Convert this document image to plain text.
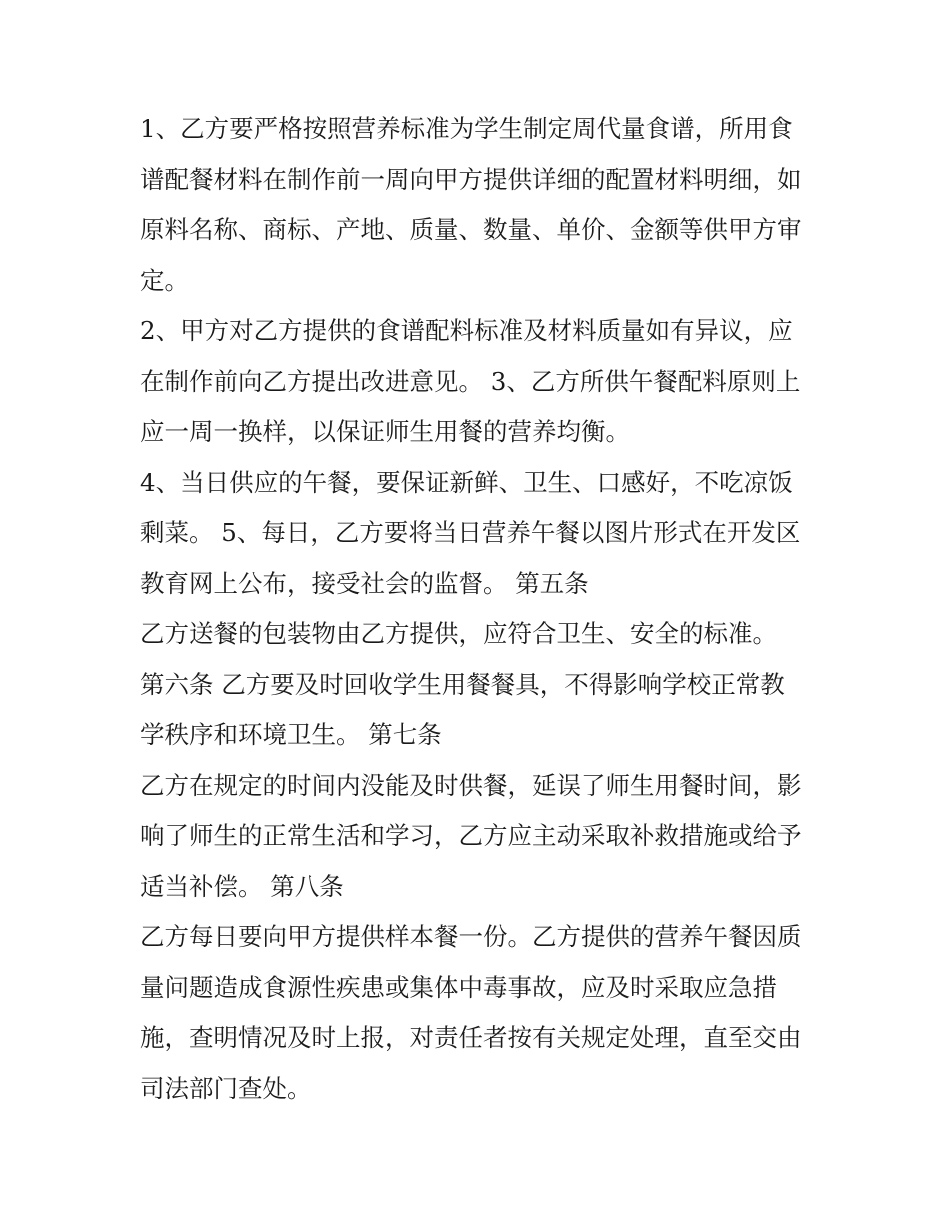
1、乙方要严格按照营养标准为学生制定周代量食谱，所用食
谱配餐材料在制作前一周向甲方提供详细的配置材料明细，如
原料名称、商标、产地、质量、数量、单价、金额等供甲方审
定。
2、甲方对乙方提供的食谱配料标准及材料质量如有异议，应
在制作前向乙方提出改进意见。 3、乙方所供午餐配料原则上
应一周一换样，以保证师生用餐的营养均衡。
4、当日供应的午餐，要保证新鲜、卫生、口感好，不吃凉饭
剩菜。 5、每日，乙方要将当日营养午餐以图片形式在开发区
教育网上公布，接受社会的监督。 第五条
乙方送餐的包装物由乙方提供，应符合卫生、安全的标准。
第六条 乙方要及时回收学生用餐餐具，不得影响学校正常教
学秩序和环境卫生。 第七条
乙方在规定的时间内没能及时供餐，延误了师生用餐时间，影
响了师生的正常生活和学习，乙方应主动采取补救措施或给予
适当补偿。 第八条
乙方每日要向甲方提供样本餐一份。乙方提供的营养午餐因质
量问题造成食源性疾患或集体中毒事故，应及时采取应急措
施，查明情况及时上报，对责任者按有关规定处理，直至交由
司法部门查处。
